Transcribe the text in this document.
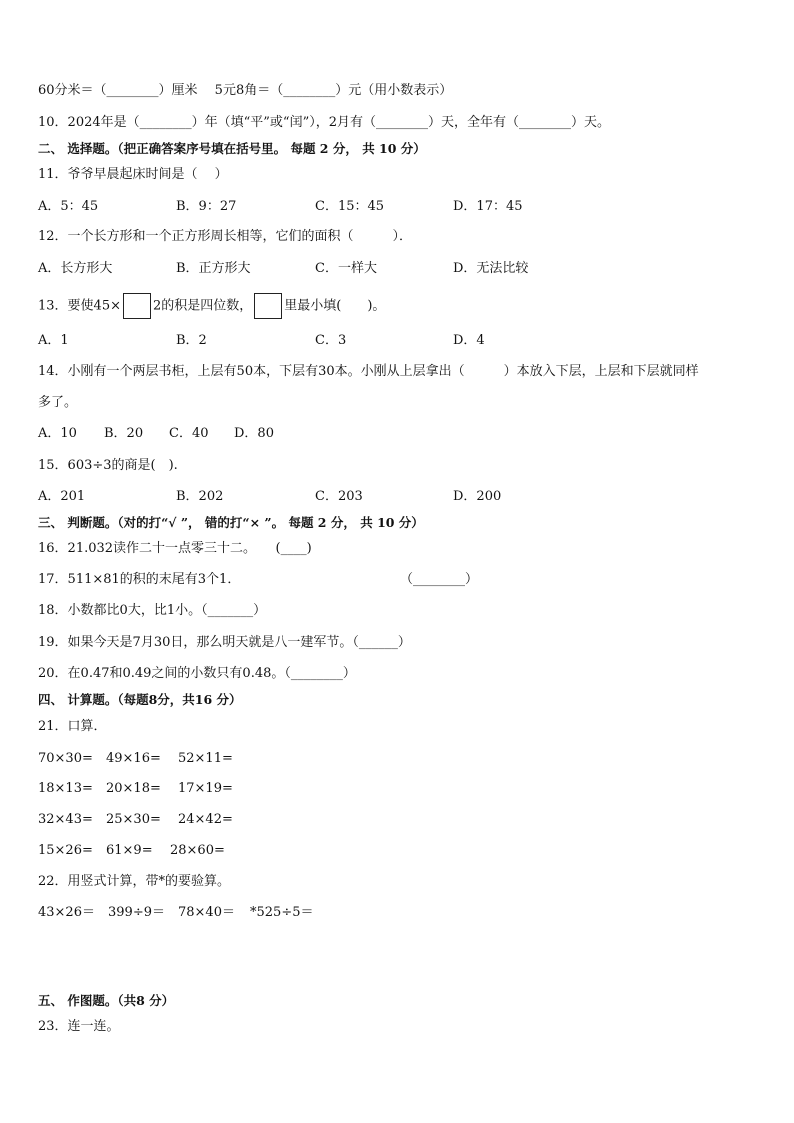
60分米＝（________）厘米　 5元8角＝（________）元（用小数表示）
10．2024年是（________）年（填“平”或“闰”），2月有（________）天，全年有（________）天。
二、 选择题。（把正确答案序号填在括号里。 每题 2 分， 共 10 分）
11．爷爷早晨起床时间是（　 ）
A．5：45	B．9：27	C．15：45	D．17：45
12．一个长方形和一个正方形周长相等，它们的面积（　　　）．
A．长方形大	B．正方形大	C．一样大	D．无法比较
13．要使45× 2的积是四位数， 里最小填(　　)。
A．1	B．2	C．3	D．4
14．小刚有一个两层书柜，上层有50本，下层有30本。小刚从上层拿出（　　　）本放入下层，上层和下层就同样
多了。
A．10 B．20 C．40 D．80
15．603÷3的商是(　).
A．201	B．202	C．203	D．200
三、 判断题。（对的打“√ ”， 错的打“× ”。 每题 2 分， 共 10 分）
16．21.032读作二十一点零三十二。　　(____)
17．511×81的积的末尾有3个1．	（________）
18．小数都比0大，比1小。（_______）
19．如果今天是7月30日，那么明天就是八一建军节。（______）
20．在0.47和0.49之间的小数只有0.48。（________）
四、 计算题。（每题8分，共16 分）
21．口算．
70×30= 49×16= 52×11=
18×13= 20×18= 17×19=
32×43= 25×30= 24×42=
15×26= 61×9= 28×60=
22．用竖式计算，带*的要验算。
43×26＝ 399÷9＝ 78×40＝ *525÷5＝
五、 作图题。（共8 分）
23．连一连。
